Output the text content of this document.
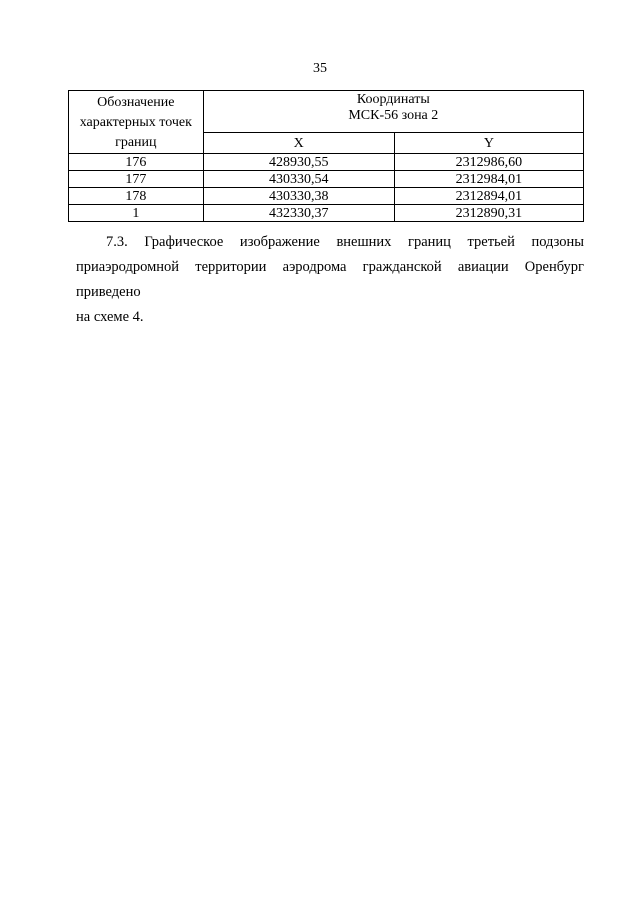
35
Обозначение
характерных точек
границ	Координаты
МСК-56 зона 2	
	X	Y
176	428930,55	2312986,60
177	430330,54	2312984,01
178	430330,38	2312894,01
1	432330,37	2312890,31
7.3. Графическое изображение внешних границ третьей подзоны
приаэродромной территории аэродрома гражданской авиации Оренбург приведено
на схеме 4.
